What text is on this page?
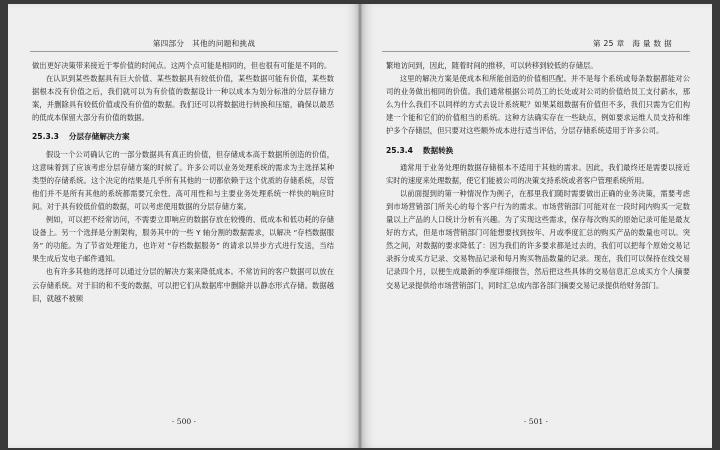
第四部分　其他的问题和挑战

做出更好决策带来接近于零价值的时间点。这两个点可能是相同的，但也很有可能是不同的。

在认识到某些数据具有巨大价值、某些数据具有较低价值，某些数据可能有价值，某些数据根本没有价值之后，我们就可以为有价值的数据设计一种以成本为划分标准的分层存储方案，并删除具有较低价值或没有价值的数据。我们还可以将数据进行转换和压缩，确保以最恶的低成本保留大部分有价值的数据。

25.3.3 分层存储解决方案

假设一个公司确认它的一部分数据具有真正的价值，但存储成本高于数据所创造的价值，这意味着到了应该考虑分层存储方案的时候了。许多公司以业务处理系统的需求为主选择某种类型的存储系统。这个决定的结果是几乎所有其他的一切都依赖于这个优质的存储系统，尽管他们并不是所有其他的系统都需要冗余性、高可用性和与主要业务处理系统一样快的响应时间。对于具有较低价值的数据，可以考虑使用数据的分层存储方案。

例如，可以把不经常访问，不需要立即响应的数据存放在较慢的、低成本和低功耗的存储设备上。另一个选择是分割架构，服务其中的一些 Y 轴分割的数据需求，以解决 “存档数据服务” 的功能。为了节省处理能力，也许对 “存档数据服务” 的请求以异步方式进行发送，当结果生成后发电子邮件通知。

也有许多其他的选择可以通过分层的解决方案来降低成本。不常访问的客户数据可以放在云存储系统。对于旧的和不变的数据，可以把它们从数据库中删除并以静态形式存储。数据越旧，就越不被频

· 500 ·
第 25 章　海 量 数 据

繁地访问到，因此，随着时间的推移，可以转移到较低的存储层。

这里的解决方案是使成本和所能创造的价值相匹配。并不是每个系统或每条数据都能对公司的业务做出相同的价值。我们通常根据公司员工的长处或对公司的价值给员工支付薪水，那么为什么我们不以同样的方式去设计系统呢？如果某组数据有价值但不多，我们只需为它们构建一个能和它们的价值相当的系统。这种方法确实存在一些缺点，例如要求运维人员支持和维护多个存储层，但只要对这些额外成本进行适当评估，分层存储系统适用于许多公司。

25.3.4 数据转换

通常用于业务处理的数据存储根本不适用于其他的需求。因此，我们最终还是需要以接近实时的速度来处理数据，使它们能被公司的决策支持系统或者客户管理系统所用。

以前面提到的第一种情况作为例子，在那里我们随时需要做出正确的业务决策，需要考虑到市场营销部门所关心的每个客户行为的需求。市场营销部门可能对在一段时间内购买一定数量以上产品的人口统计分析有兴趣。为了实现这些需求，保存每次购买的原始记录可能是最友好的方式，但是市场营销部门可能想要找到按年、月或季度汇总的购买产品的数量也可以。突然之间，对数据的要求降低了：因为我们的许多要求都是过去的，我们可以把每个原始交易记录拆分成买方记录、交易物品记录和每月购买物品数量的记录。现在，我们可以保持在线交易记录四个月，以便生成最新的季度详细报告，然后把这些具体的交易信息汇总成买方个人摘要交易记录提供给市场营销部门，同时汇总成内部各部门摘要交易记录提供给财务部门。

· 501 ·
